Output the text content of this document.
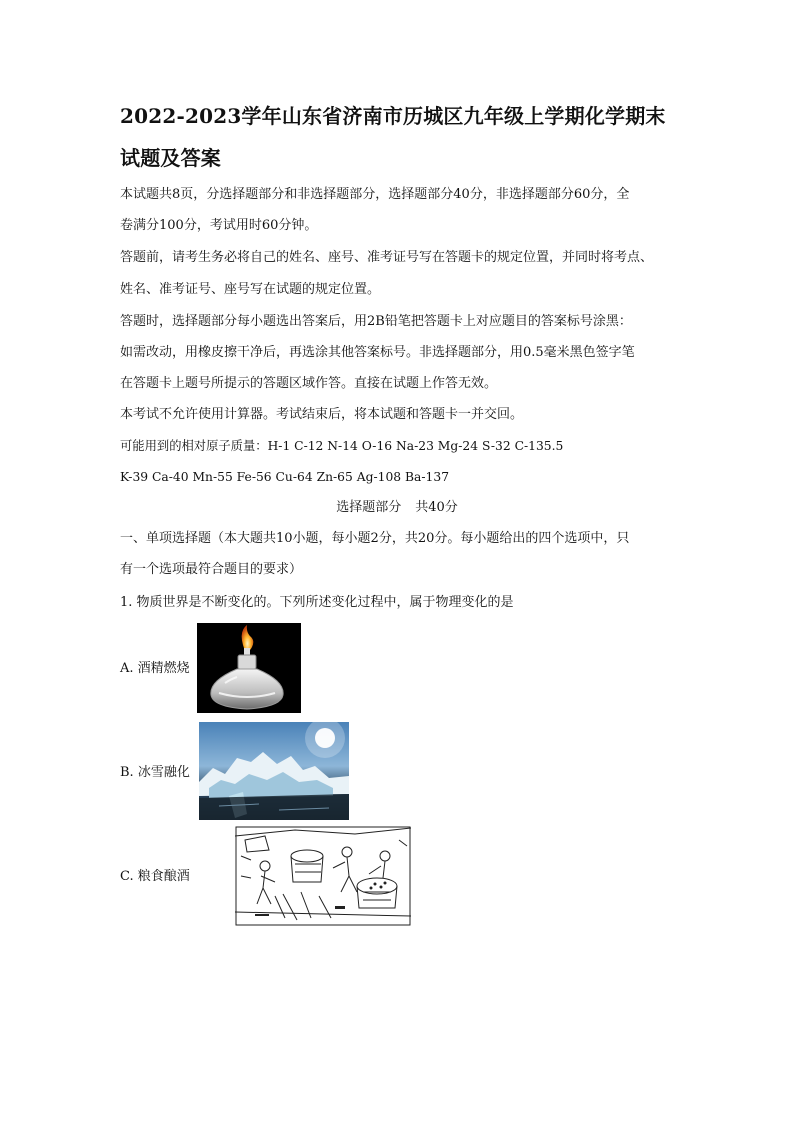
2022-2023学年山东省济南市历城区九年级上学期化学期末
试题及答案
本试题共8页，分选择题部分和非选择题部分，选择题部分40分，非选择题部分60分，全
卷满分100分，考试用时60分钟。
答题前，请考生务必将自己的姓名、座号、准考证号写在答题卡的规定位置，并同时将考点、
姓名、准考证号、座号写在试题的规定位置。
答题时，选择题部分每小题选出答案后，用2B铅笔把答题卡上对应题目的答案标号涂黑：
如需改动，用橡皮擦干净后，再选涂其他答案标号。非选择题部分，用0.5毫米黑色签字笔
在答题卡上题号所提示的答题区域作答。直接在试题上作答无效。
本考试不允许使用计算器。考试结束后，将本试题和答题卡一并交回。
可能用到的相对原子质量：H-1 C-12 N-14 O-16 Na-23 Mg-24 S-32 C-135.5
K-39 Ca-40 Mn-55 Fe-56 Cu-64 Zn-65 Ag-108 Ba-137
选择题部分 共40分
一、单项选择题（本大题共10小题，每小题2分，共20分。每小题给出的四个选项中，只
有一个选项最符合题目的要求）
1. 物质世界是不断变化的。下列所述变化过程中，属于物理变化的是
A. 酒精燃烧
B. 冰雪融化
C. 粮食酿酒
